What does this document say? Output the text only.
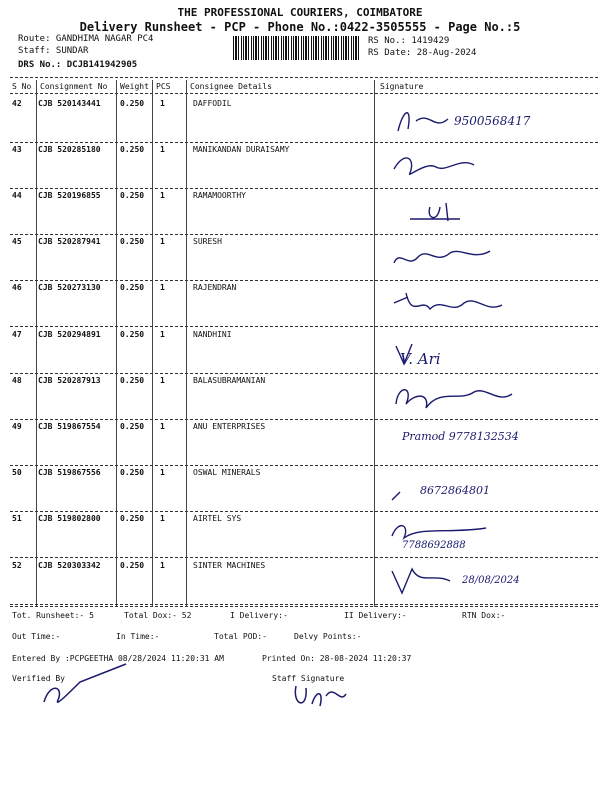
THE PROFESSIONAL COURIERS, COIMBATORE
Delivery Runsheet - PCP - Phone No.:0422-3505555 - Page No.:5
Route: GANDHIMA NAGAR PC4
Staff: SUNDAR
DRS No.: DCJB141942905
RS No.: 1419429
RS Date: 28-Aug-2024
S No Consignment No Weight PCS Consignee Details	Signature
42 CJB 520143441 0.250 1	DAFFODIL
9500568417
43 CJB 520285180 0.250 1	MANIKANDAN DURAISAMY
44 CJB 520196855 0.250 1	RAMAMOORTHY
45 CJB 520287941 0.250 1	SURESH
46 CJB 520273130 0.250 1	RAJENDRAN
47 CJB 520294891 0.250 1	NANDHINI
V. Ari
48 CJB 520287913 0.250 1	BALASUBRAMANIAN
49 CJB 519867554 0.250 1	ANU ENTERPRISES
Pramod 9778132534
50 CJB 519867556 0.250 1	OSWAL MINERALS
8672864801
51 CJB 519802800 0.250 1	AIRTEL SYS
7788692888
52 CJB 520303342 0.250 1	SINTER MACHINES
28/08/2024
Tot. Runsheet:- 5	Total Dox:- 52	I Delivery:-	II Delivery:-	RTN Dox:-
Out Time:-	In Time:-	Total POD:-	Delvy Points:-
Entered By :PCPGEETHA 08/28/2024 11:20:31 AM	Printed On: 28-08-2024 11:20:37
Verified By	Staff Signature
